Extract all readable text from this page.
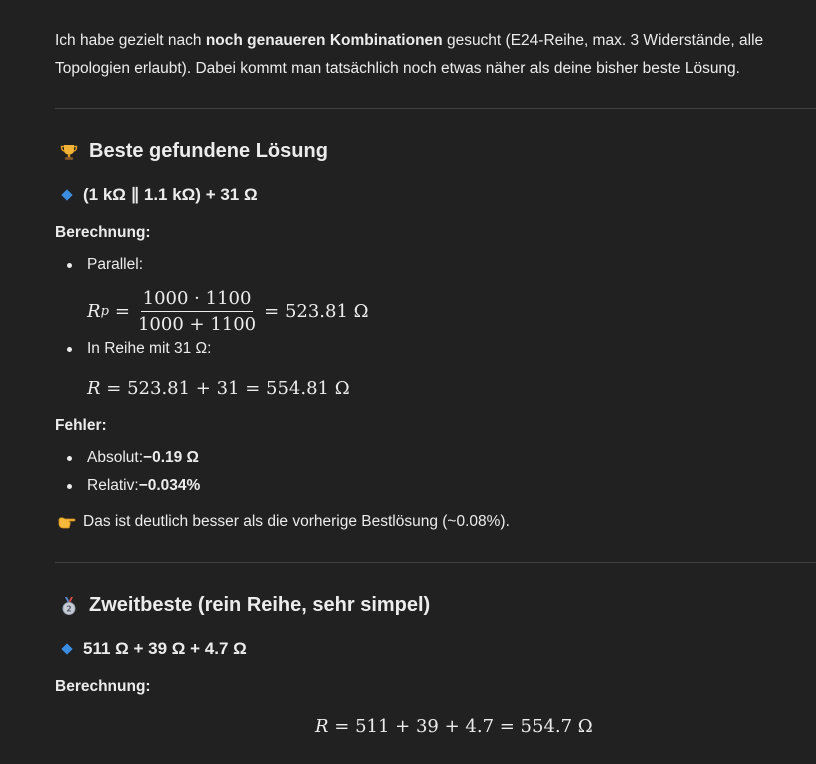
Ich habe gezielt nach noch genaueren Kombinationen gesucht (E24-Reihe, max. 3 Widerstände, alle Topologien erlaubt). Dabei kommt man tatsächlich noch etwas näher als deine bisher beste Lösung.
Beste gefundene Lösung
(1 kΩ ∥ 1.1 kΩ) + 31 Ω
Berechnung:
Parallel:
R $p = \frac{1000 \cdot 1100}{1000 + 1100} = 523.81$ Ω
In Reihe mit 31 Ω:
R = 523.81 + 31 = 554.81 Ω
Fehler:
Absolut: −0.19 Ω
Relativ: −0.034%
Das ist deutlich besser als die vorherige Bestlösung (~0.08%).
2 Zweitbeste (rein Reihe, sehr simpel)
511 Ω + 39 Ω + 4.7 Ω
Berechnung:
R = 511 + 39 + 4.7 = 554.7 Ω
